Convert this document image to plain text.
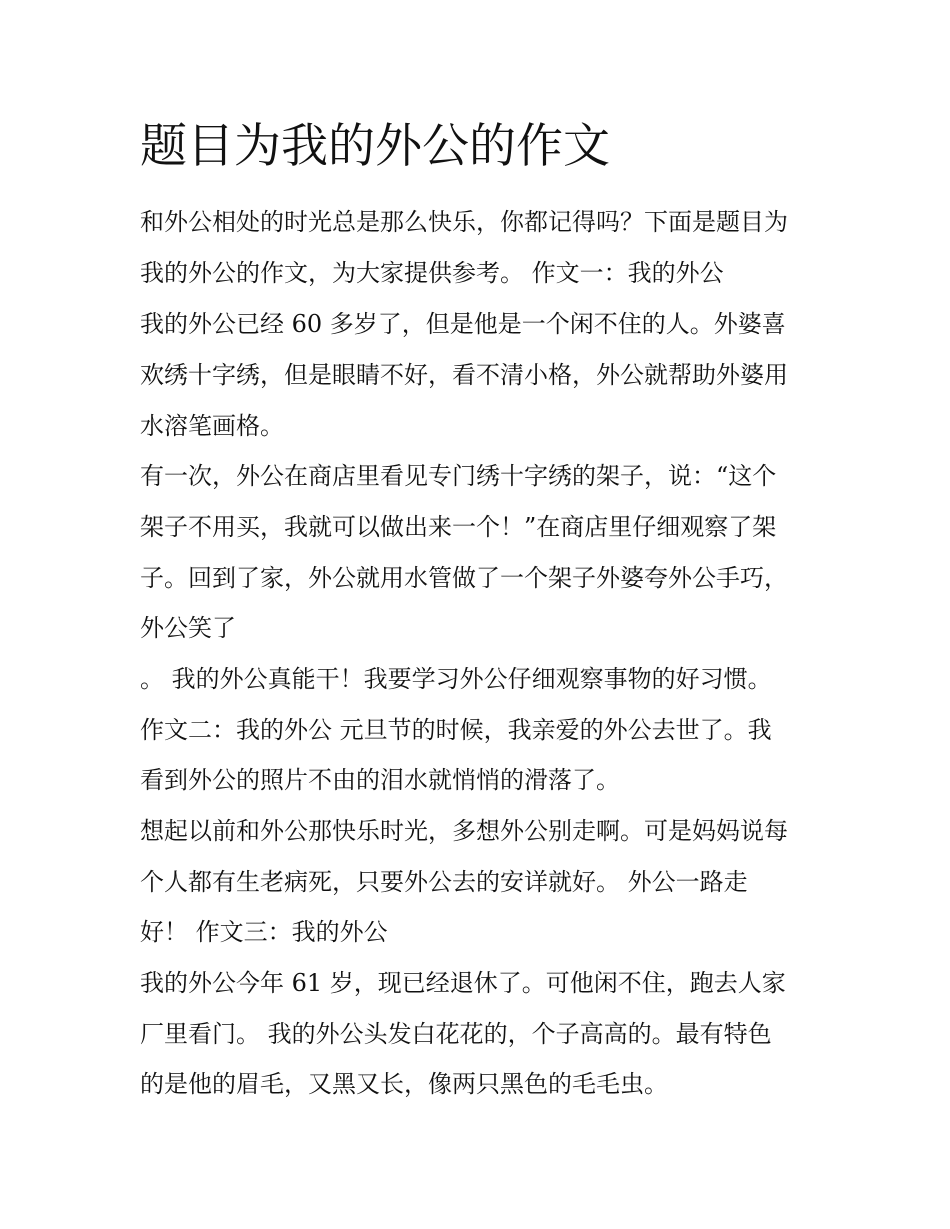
题目为我的外公的作文
和外公相处的时光总是那么快乐，你都记得吗？下面是题目为
我的外公的作文，为大家提供参考。 作文一：我的外公
我的外公已经 60 多岁了，但是他是一个闲不住的人。外婆喜
欢绣十字绣，但是眼睛不好，看不清小格，外公就帮助外婆用
水溶笔画格。
有一次，外公在商店里看见专门绣十字绣的架子，说：“这个
架子不用买，我就可以做出来一个！”在商店里仔细观察了架
子。回到了家，外公就用水管做了一个架子外婆夸外公手巧，
外公笑了
。 我的外公真能干！我要学习外公仔细观察事物的好习惯。
作文二：我的外公 元旦节的时候，我亲爱的外公去世了。我
看到外公的照片不由的泪水就悄悄的滑落了。
想起以前和外公那快乐时光，多想外公别走啊。可是妈妈说每
个人都有生老病死，只要外公去的安详就好。 外公一路走
好！ 作文三：我的外公
我的外公今年 61 岁，现已经退休了。可他闲不住，跑去人家
厂里看门。 我的外公头发白花花的，个子高高的。最有特色
的是他的眉毛，又黑又长，像两只黑色的毛毛虫。
